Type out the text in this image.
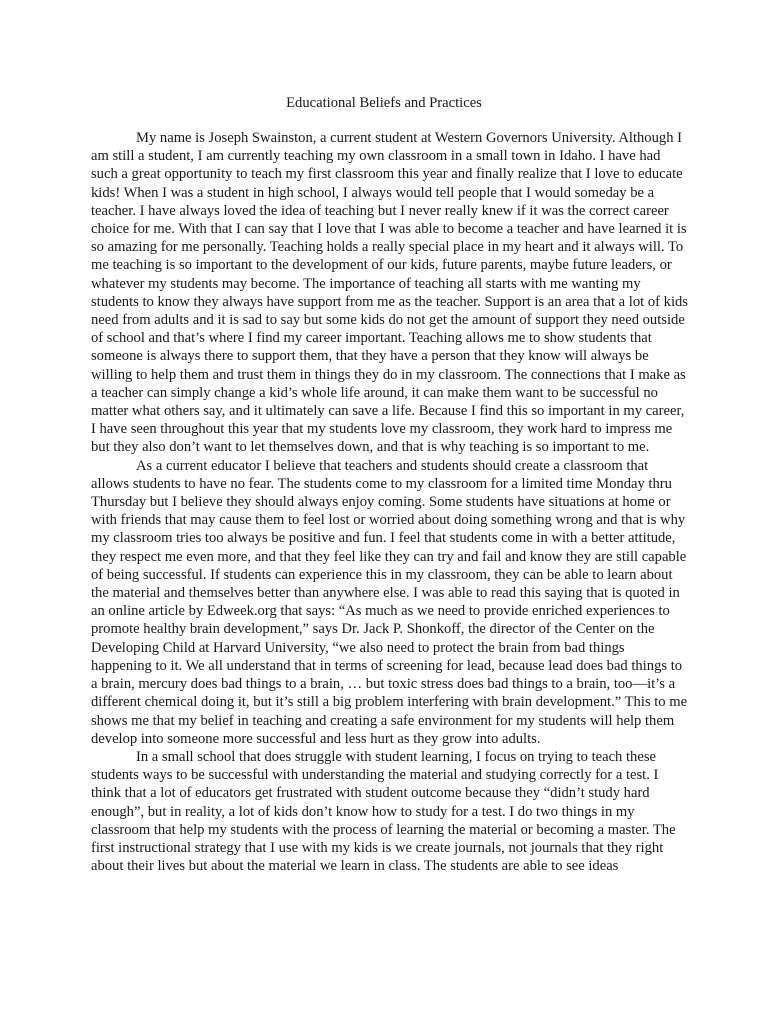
Educational Beliefs and Practices

My name is Joseph Swainston, a current student at Western Governors University. Although I am still a student, I am currently teaching my own classroom in a small town in Idaho. I have had such a great opportunity to teach my first classroom this year and finally realize that I love to educate kids! When I was a student in high school, I always would tell people that I would someday be a teacher. I have always loved the idea of teaching but I never really knew if it was the correct career choice for me. With that I can say that I love that I was able to become a teacher and have learned it is so amazing for me personally. Teaching holds a really special place in my heart and it always will. To me teaching is so important to the development of our kids, future parents, maybe future leaders, or whatever my students may become. The importance of teaching all starts with me wanting my students to know they always have support from me as the teacher. Support is an area that a lot of kids need from adults and it is sad to say but some kids do not get the amount of support they need outside of school and that’s where I find my career important. Teaching allows me to show students that someone is always there to support them, that they have a person that they know will always be willing to help them and trust them in things they do in my classroom. The connections that I make as a teacher can simply change a kid’s whole life around, it can make them want to be successful no matter what others say, and it ultimately can save a life. Because I find this so important in my career, I have seen throughout this year that my students love my classroom, they work hard to impress me but they also don’t want to let themselves down, and that is why teaching is so important to me.

As a current educator I believe that teachers and students should create a classroom that allows students to have no fear. The students come to my classroom for a limited time Monday thru Thursday but I believe they should always enjoy coming. Some students have situations at home or with friends that may cause them to feel lost or worried about doing something wrong and that is why my classroom tries too always be positive and fun. I feel that students come in with a better attitude, they respect me even more, and that they feel like they can try and fail and know they are still capable of being successful. If students can experience this in my classroom, they can be able to learn about the material and themselves better than anywhere else. I was able to read this saying that is quoted in an online article by Edweek.org that says: “As much as we need to provide enriched experiences to promote healthy brain development,” says Dr. Jack P. Shonkoff, the director of the Center on the Developing Child at Harvard University, “we also need to protect the brain from bad things happening to it. We all understand that in terms of screening for lead, because lead does bad things to a brain, mercury does bad things to a brain, … but toxic stress does bad things to a brain, too—it’s a different chemical doing it, but it’s still a big problem interfering with brain development.” This to me shows me that my belief in teaching and creating a safe environment for my students will help them develop into someone more successful and less hurt as they grow into adults.

In a small school that does struggle with student learning, I focus on trying to teach these students ways to be successful with understanding the material and studying correctly for a test. I think that a lot of educators get frustrated with student outcome because they “didn’t study hard enough”, but in reality, a lot of kids don’t know how to study for a test. I do two things in my classroom that help my students with the process of learning the material or becoming a master. The first instructional strategy that I use with my kids is we create journals, not journals that they right about their lives but about the material we learn in class. The students are able to see ideas
